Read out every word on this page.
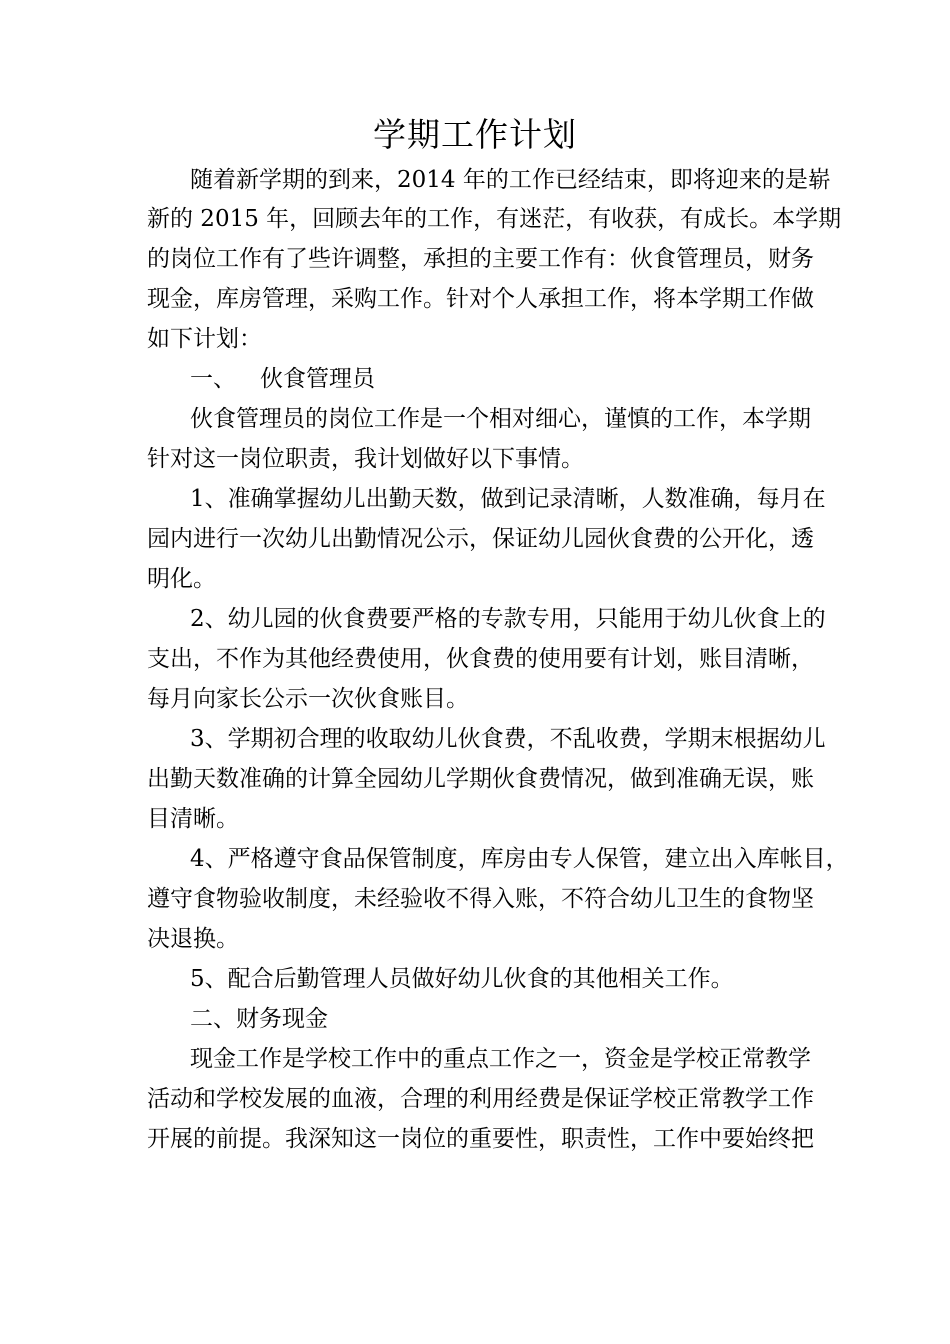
学期工作计划

随着新学期的到来，2014 年的工作已经结束，即将迎来的是崭

新的 2015 年，回顾去年的工作，有迷茫，有收获，有成长。本学期

的岗位工作有了些许调整，承担的主要工作有：伙食管理员，财务

现金，库房管理，采购工作。针对个人承担工作，将本学期工作做

如下计划：

一、 伙食管理员

伙食管理员的岗位工作是一个相对细心，谨慎的工作，本学期

针对这一岗位职责，我计划做好以下事情。

1、准确掌握幼儿出勤天数，做到记录清晰，人数准确，每月在

园内进行一次幼儿出勤情况公示，保证幼儿园伙食费的公开化，透

明化。

2、幼儿园的伙食费要严格的专款专用，只能用于幼儿伙食上的

支出，不作为其他经费使用，伙食费的使用要有计划，账目清晰，

每月向家长公示一次伙食账目。

3、学期初合理的收取幼儿伙食费，不乱收费，学期末根据幼儿

出勤天数准确的计算全园幼儿学期伙食费情况，做到准确无误，账

目清晰。

4、严格遵守食品保管制度，库房由专人保管，建立出入库帐目，

遵守食物验收制度，未经验收不得入账，不符合幼儿卫生的食物坚

决退换。

5、配合后勤管理人员做好幼儿伙食的其他相关工作。

二、财务现金

现金工作是学校工作中的重点工作之一，资金是学校正常教学

活动和学校发展的血液，合理的利用经费是保证学校正常教学工作

开展的前提。我深知这一岗位的重要性，职责性，工作中要始终把
